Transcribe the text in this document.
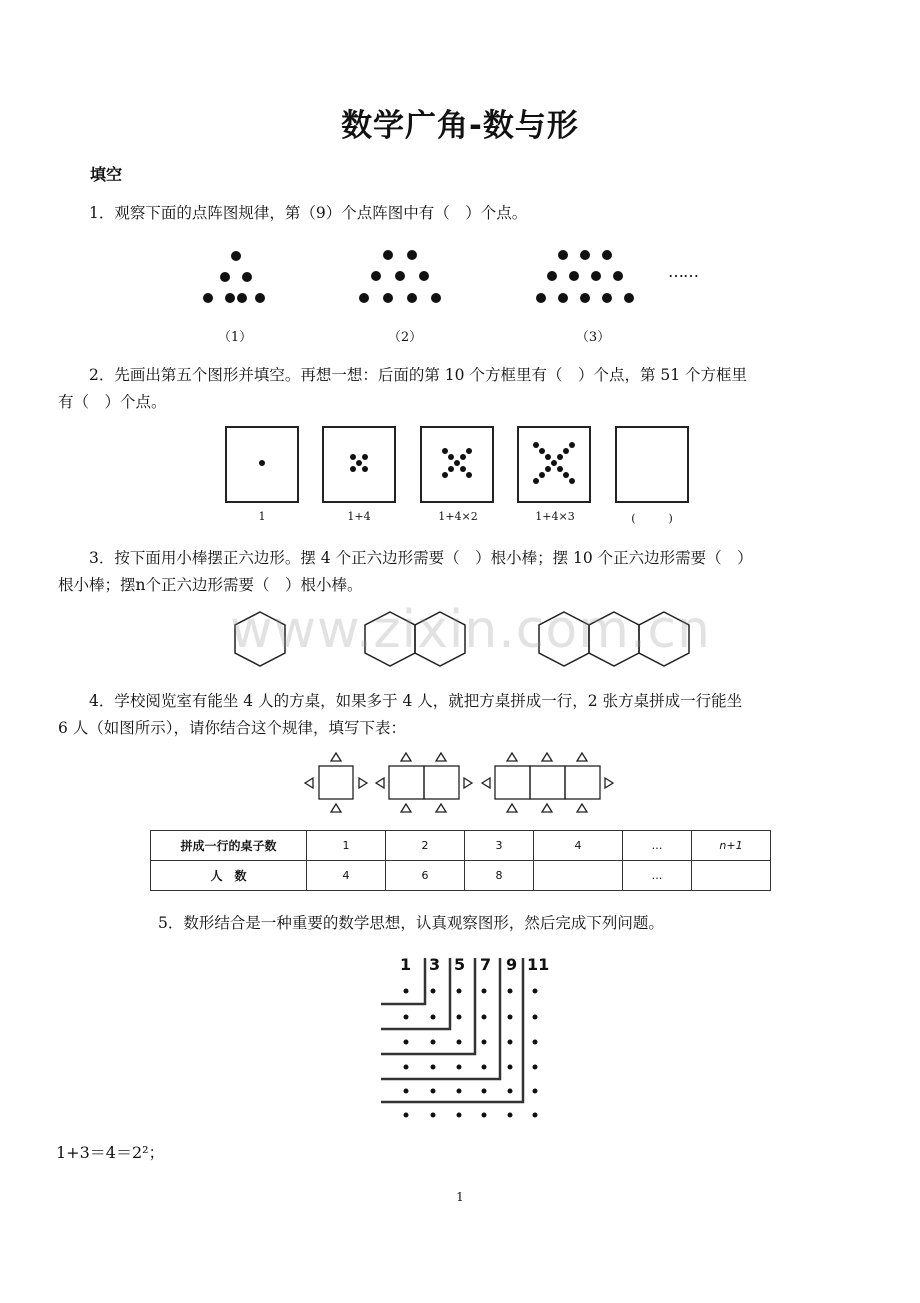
数学广角-数与形
填空
1．观察下面的点阵图规律，第（9）个点阵图中有（　）个点。
……
（1）	（2）	（3）
2．先画出第五个图形并填空。再想一想：后面的第 10 个方框里有（　）个点，第 51 个方框里
有（　）个点。
1	1+4	1+4×2	1+4×3	(　　　)
3．按下面用小棒摆正六边形。摆 4 个正六边形需要（　）根小棒；摆 10 个正六边形需要（　）
根小棒；摆n个正六边形需要（　）根小棒。
www.zixin.com.cn
4．学校阅览室有能坐 4 人的方桌，如果多于 4 人，就把方桌拼成一行，2 张方桌拼成一行能坐
6 人（如图所示），请你结合这个规律，填写下表：
拼成一行的桌子数	1	2	3	4	…	n+1
人　数	4	6	8		…	
5．数形结合是一种重要的数学思想，认真观察图形，然后完成下列问题。
1 3 5 7 9 11
1+3＝4＝2²；
1
